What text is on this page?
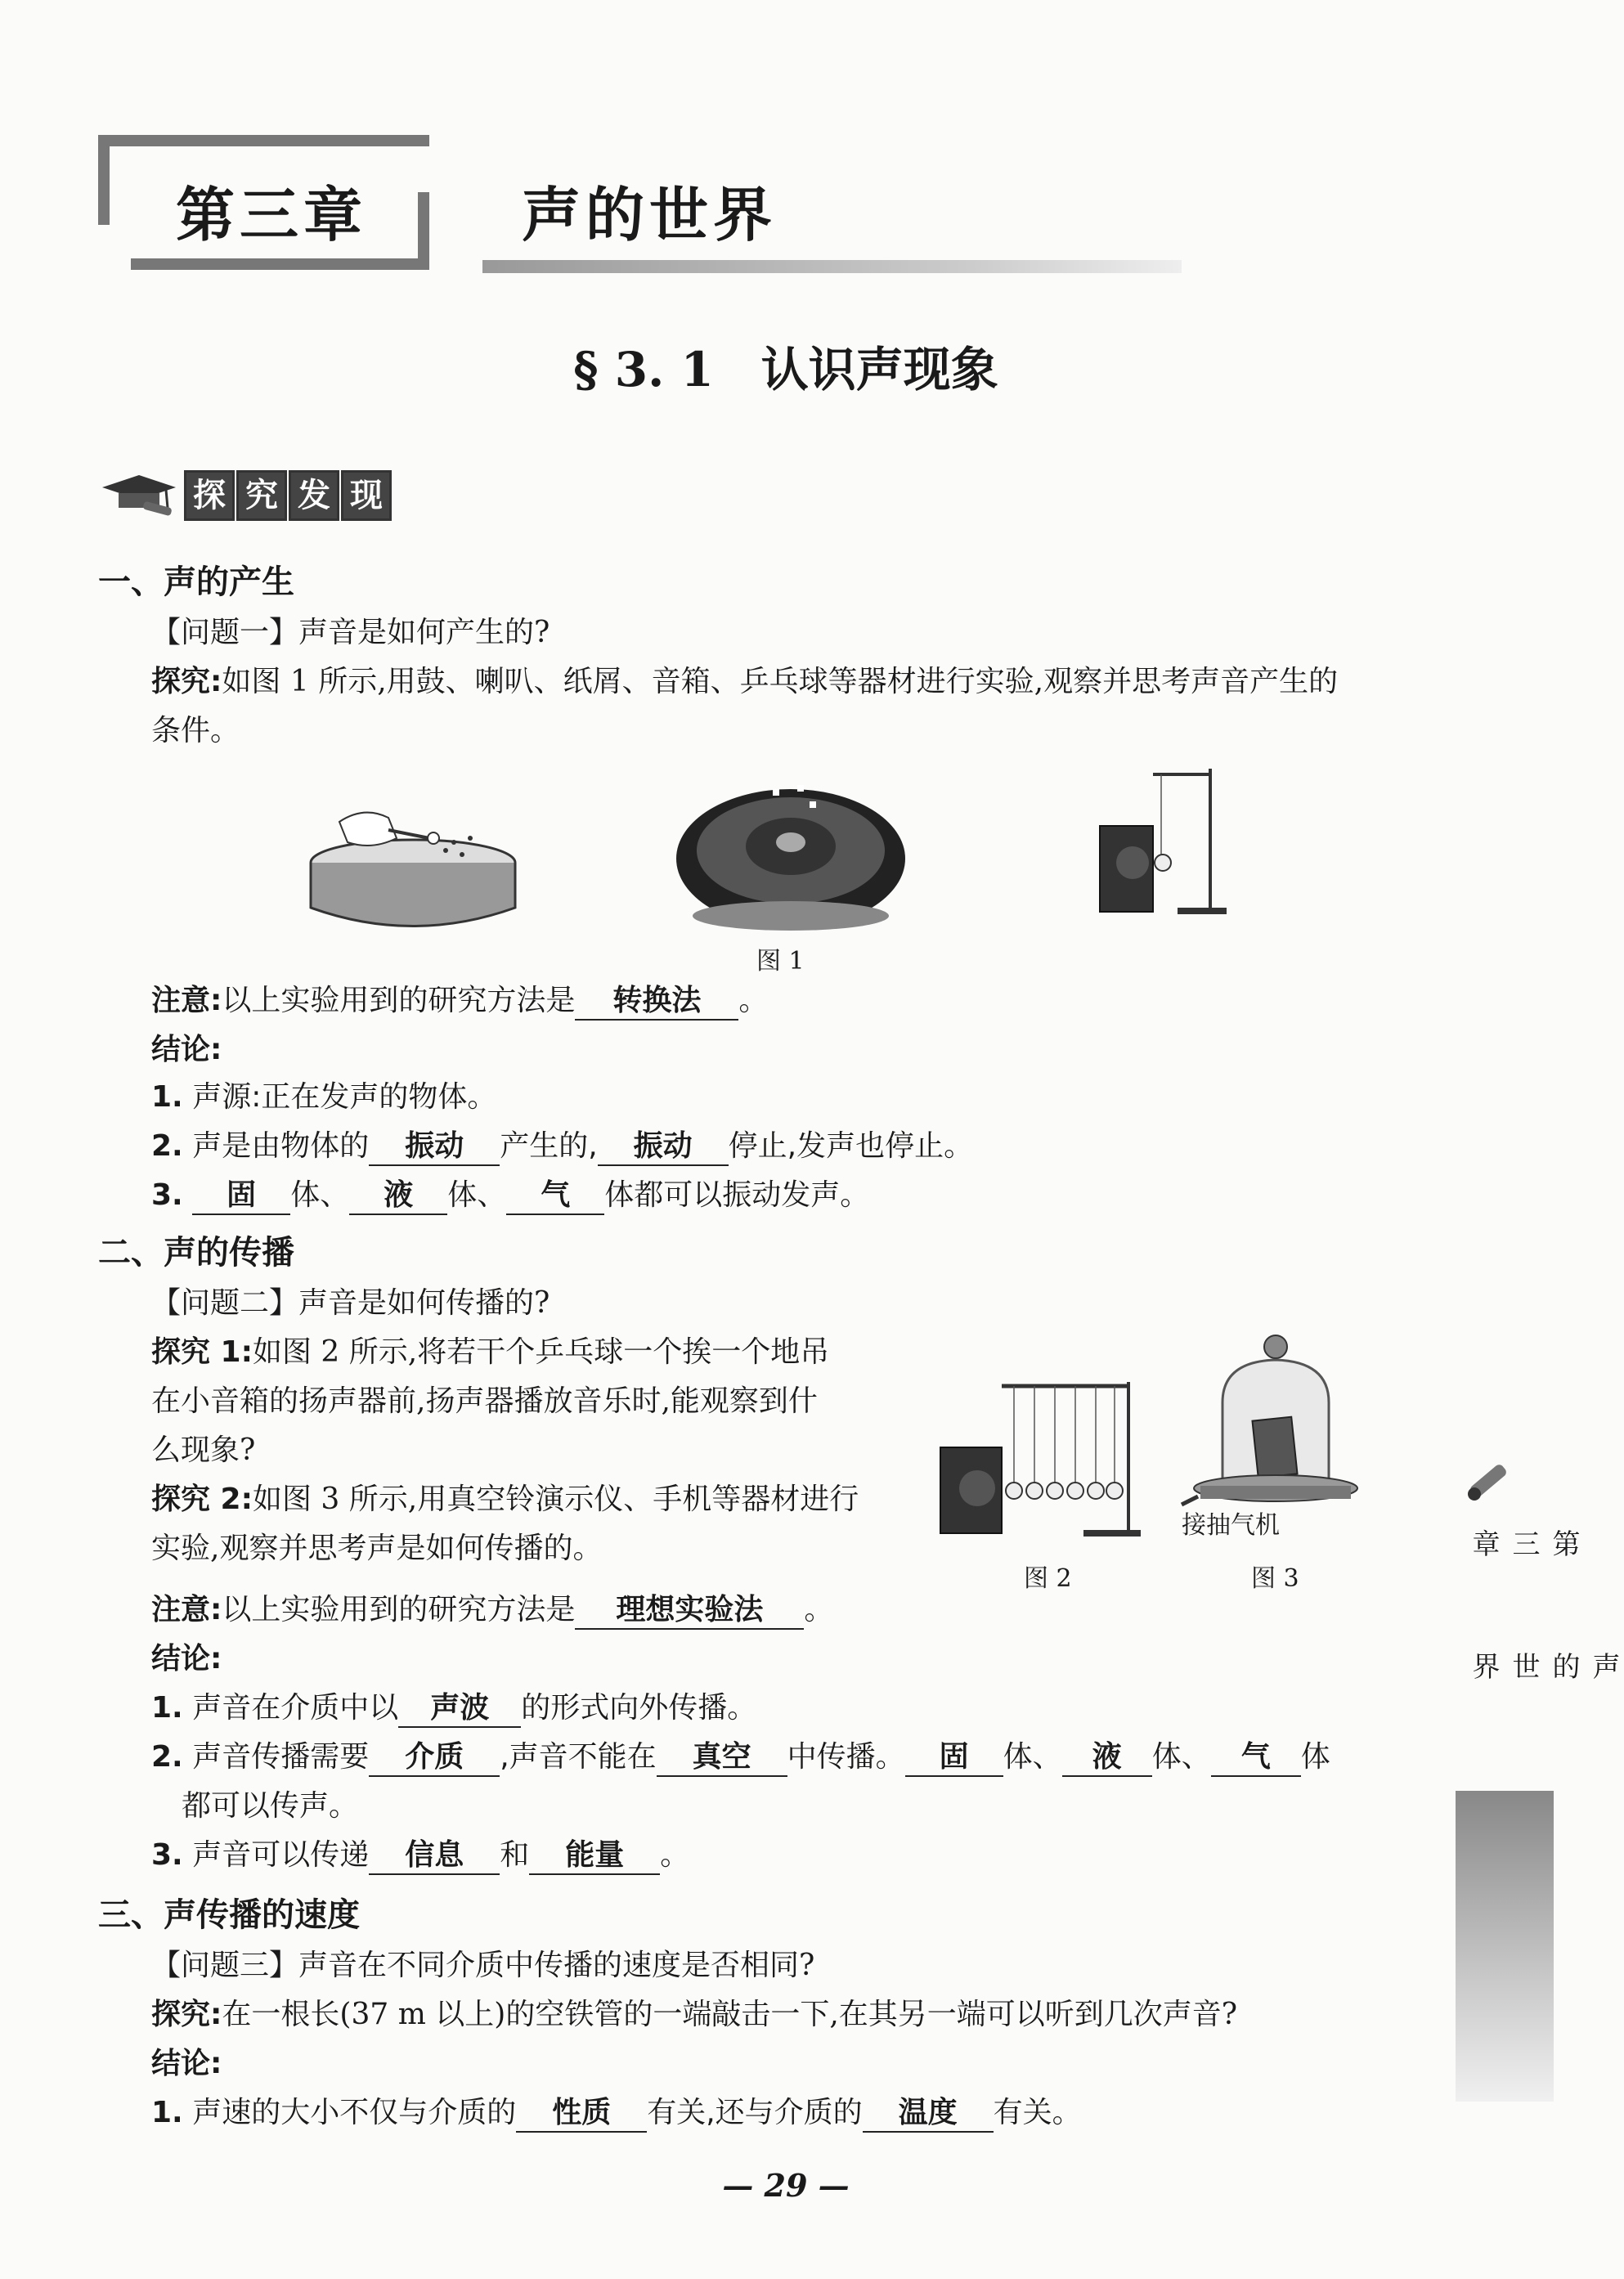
第三章	声的世界
§ 3. 1　认识声现象
探 究 发 现
一、声的产生
【问题一】声音是如何产生的?
探究:如图 1 所示,用鼓、喇叭、纸屑、音箱、乒乓球等器材进行实验,观察并思考声音产生的
条件。
图 1
注意:以上实验用到的研究方法是 转换法 。
结论:
1. 声源:正在发声的物体。
2. 声是由物体的 振动 产生的, 振动 停止,发声也停止。
3. 固 体、 液 体、 气 体都可以振动发声。
二、声的传播
【问题二】声音是如何传播的?
探究 1:如图 2 所示,将若干个乒乓球一个挨一个地吊
在小音箱的扬声器前,扬声器播放音乐时,能观察到什
么现象?
探究 2:如图 3 所示,用真空铃演示仪、手机等器材进行
实验,观察并思考声是如何传播的。
图 2
接抽气机
图 3
注意:以上实验用到的研究方法是 理想实验法 。
结论:
1. 声音在介质中以 声波 的形式向外传播。
2. 声音传播需要 介质 ,声音不能在 真空 中传播。 固 体、 液 体、 气 体
都可以传声。
3. 声音可以传递 信息 和 能量 。
三、声传播的速度
【问题三】声音在不同介质中传播的速度是否相同?
探究:在一根长(37 m 以上)的空铁管的一端敲击一下,在其另一端可以听到几次声音?
结论:
1. 声速的大小不仅与介质的 性质 有关,还与介质的 温度 有关。
第三章
声的世界
— 29 —
